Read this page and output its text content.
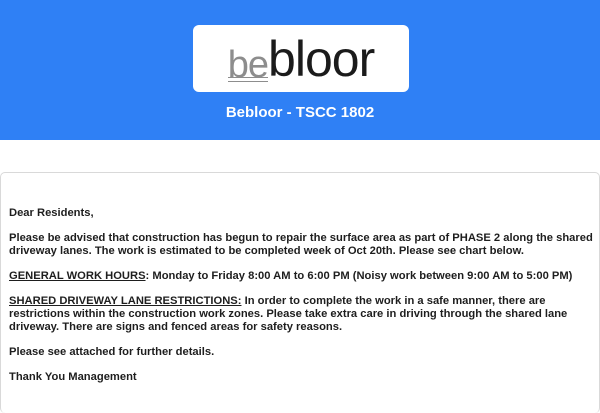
be bloor
Bebloor - TSCC 1802

Dear Residents,

Please be advised that construction has begun to repair the surface area as part of PHASE 2 along the shared driveway lanes. The work is estimated to be completed week of Oct 20th. Please see chart below.

GENERAL WORK HOURS: Monday to Friday 8:00 AM to 6:00 PM (Noisy work between 9:00 AM to 5:00 PM)

SHARED DRIVEWAY LANE RESTRICTIONS: In order to complete the work in a safe manner, there are restrictions within the construction work zones. Please take extra care in driving through the shared lane driveway. There are signs and fenced areas for safety reasons.

Please see attached for further details.

Thank You Management
